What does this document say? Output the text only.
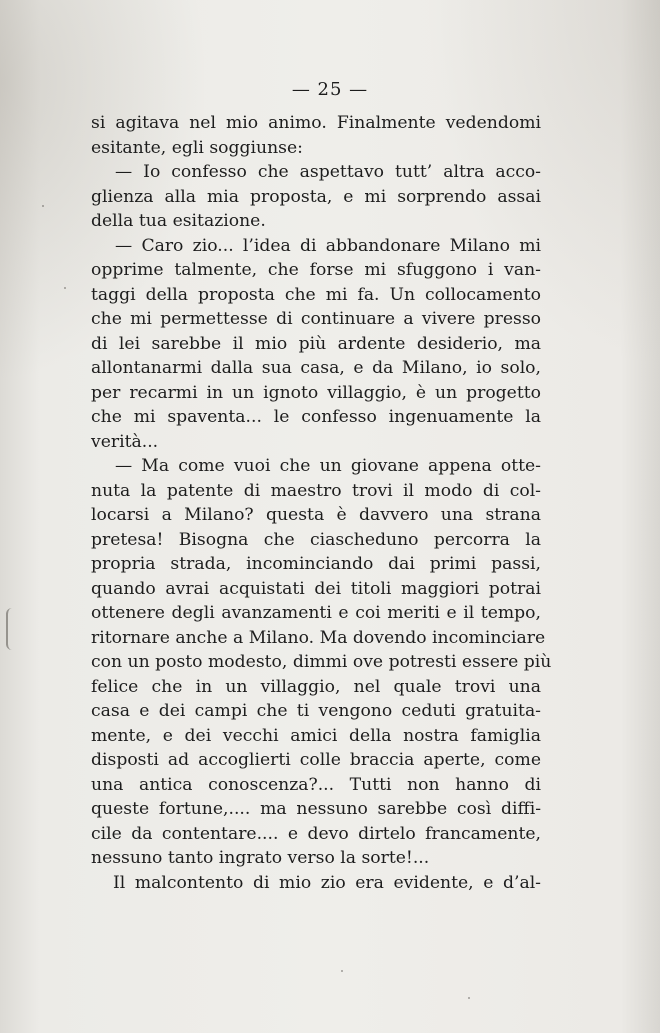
— 25 —
si agitava nel mio animo. Finalmente vedendomi
esitante, egli soggiunse:
— Io confesso che aspettavo tutt’ altra acco-
glienza alla mia proposta, e mi sorprendo assai
della tua esitazione.
— Caro zio... l’idea di abbandonare Milano mi
opprime talmente, che forse mi sfuggono i van-
taggi della proposta che mi fa. Un collocamento
che mi permettesse di continuare a vivere presso
di lei sarebbe il mio più ardente desiderio, ma
allontanarmi dalla sua casa, e da Milano, io solo,
per recarmi in un ignoto villaggio, è un progetto
che mi spaventa... le confesso ingenuamente la
verità...
— Ma come vuoi che un giovane appena otte-
nuta la patente di maestro trovi il modo di col-
locarsi a Milano? questa è davvero una strana
pretesa! Bisogna che ciascheduno percorra la
propria strada, incominciando dai primi passi,
quando avrai acquistati dei titoli maggiori potrai
ottenere degli avanzamenti e coi meriti e il tempo,
ritornare anche a Milano. Ma dovendo incominciare
con un posto modesto, dimmi ove potresti essere più
felice che in un villaggio, nel quale trovi una
casa e dei campi che ti vengono ceduti gratuita-
mente, e dei vecchi amici della nostra famiglia
disposti ad accoglierti colle braccia aperte, come
una antica conoscenza?... Tutti non hanno di
queste fortune,.... ma nessuno sarebbe così diffi-
cile da contentare.... e devo dirtelo francamente,
nessuno tanto ingrato verso la sorte!...
Il malcontento di mio zio era evidente, e d’al-
